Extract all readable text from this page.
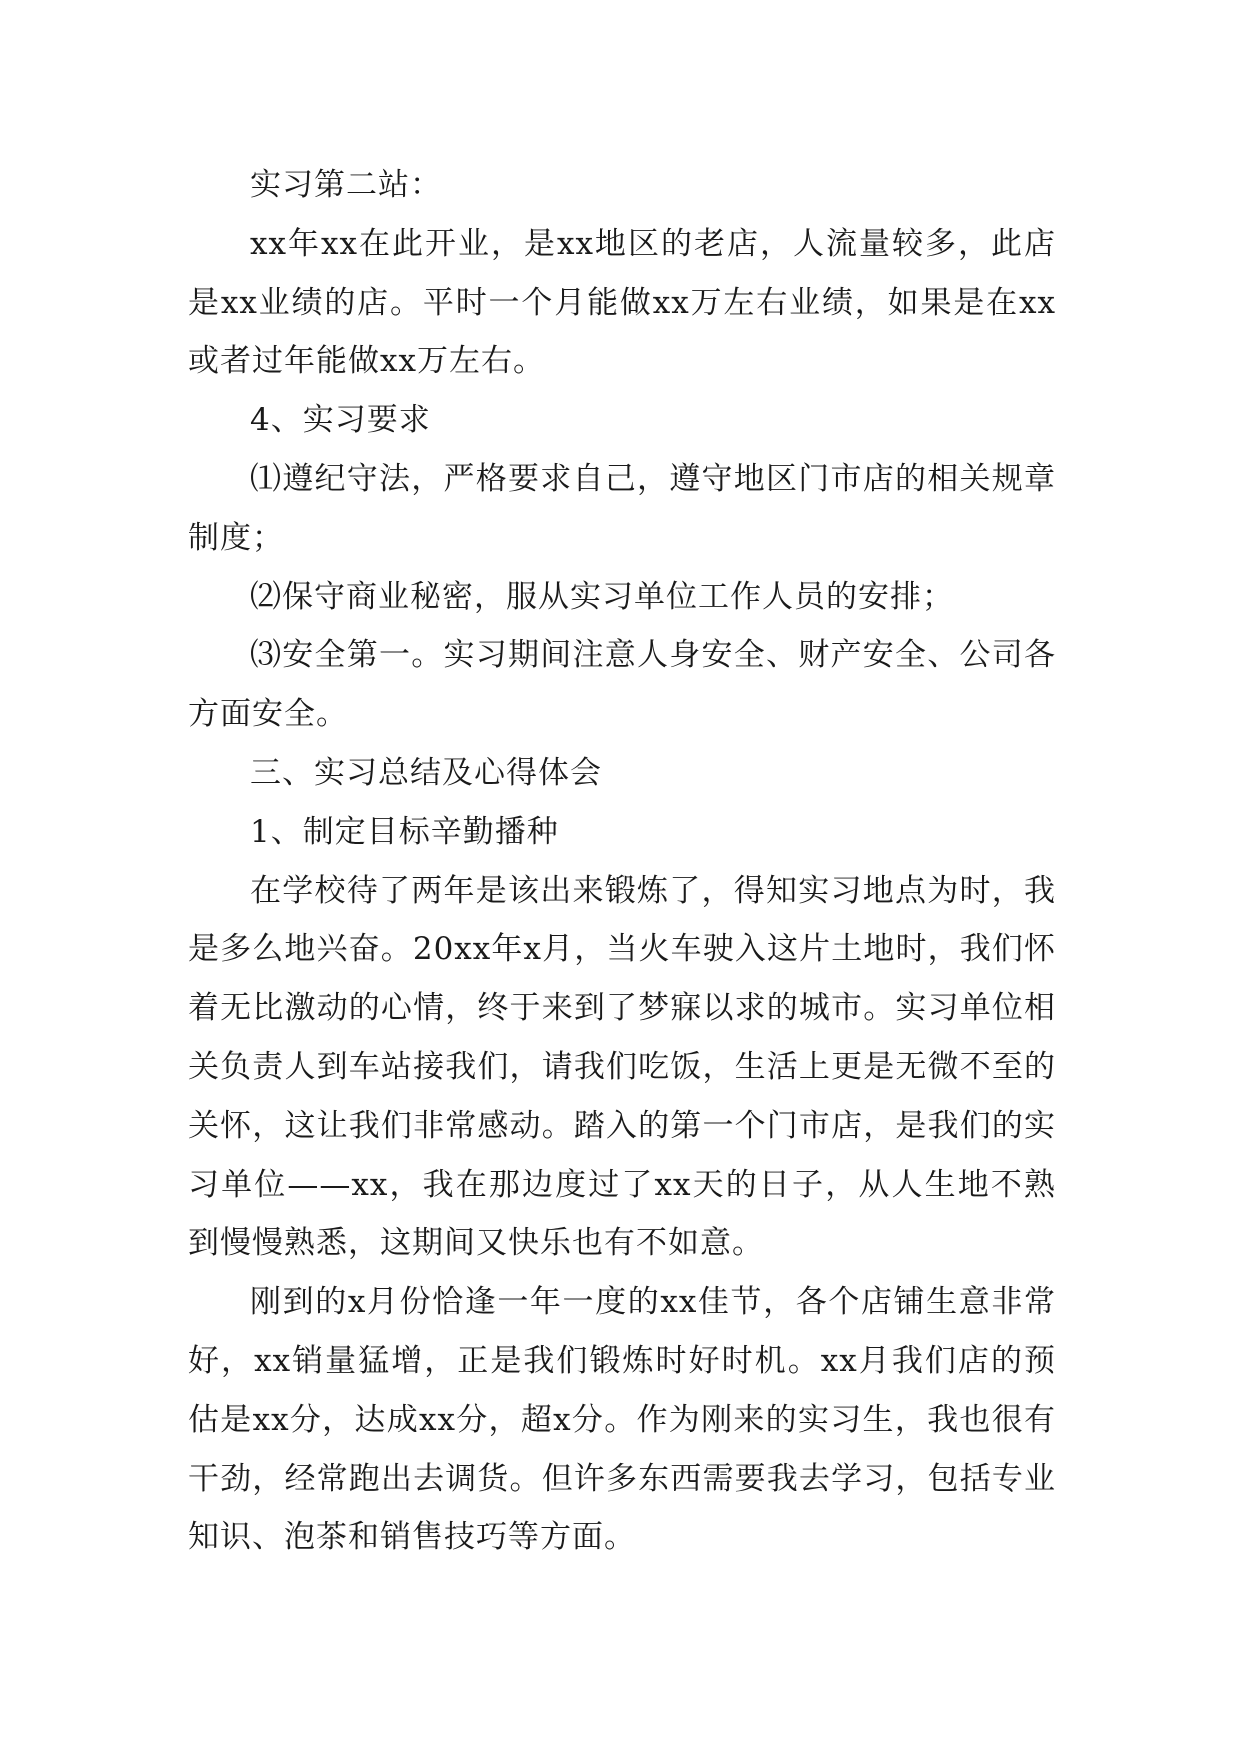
实习第二站：

xx年xx在此开业，是xx地区的老店，人流量较多，此店是xx业绩的店。平时一个月能做xx万左右业绩，如果是在xx或者过年能做xx万左右。

4、实习要求

⑴遵纪守法，严格要求自己，遵守地区门市店的相关规章制度；

⑵保守商业秘密，服从实习单位工作人员的安排；

⑶安全第一。实习期间注意人身安全、财产安全、公司各方面安全。

三、实习总结及心得体会

1、制定目标辛勤播种

在学校待了两年是该出来锻炼了，得知实习地点为时，我是多么地兴奋。20xx年x月，当火车驶入这片土地时，我们怀着无比激动的心情，终于来到了梦寐以求的城市。实习单位相关负责人到车站接我们，请我们吃饭，生活上更是无微不至的关怀，这让我们非常感动。踏入的第一个门市店，是我们的实习单位——xx，我在那边度过了xx天的日子，从人生地不熟到慢慢熟悉，这期间又快乐也有不如意。

刚到的x月份恰逢一年一度的xx佳节，各个店铺生意非常好，xx销量猛增，正是我们锻炼时好时机。xx月我们店的预估是xx分，达成xx分，超x分。作为刚来的实习生，我也很有干劲，经常跑出去调货。但许多东西需要我去学习，包括专业知识、泡茶和销售技巧等方面。
